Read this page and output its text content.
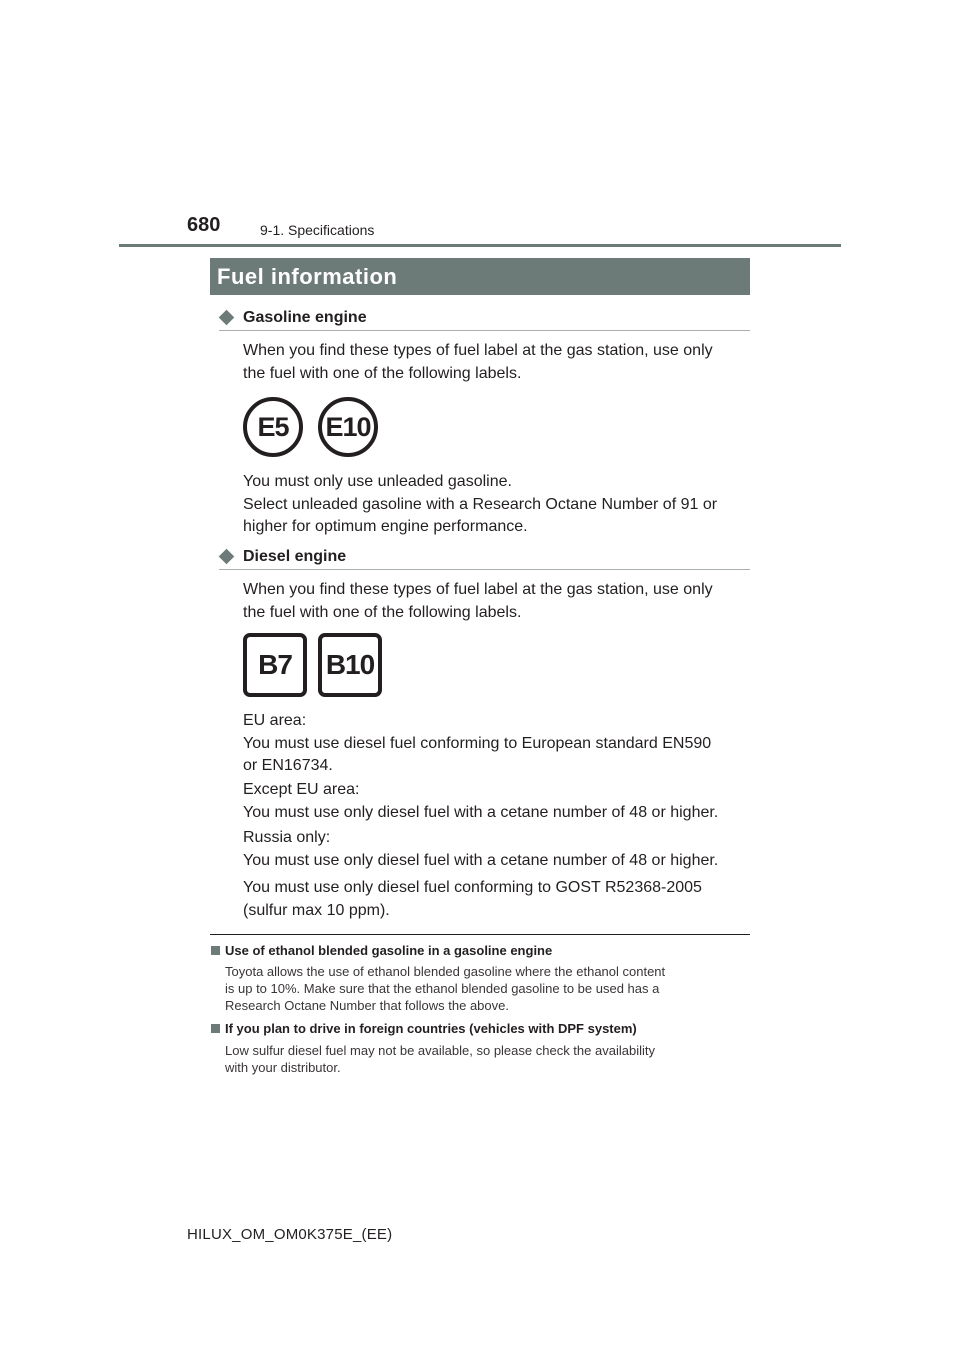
680	9-1. Specifications
Fuel information
Gasoline engine

When you find these types of fuel label at the gas station, use only
the fuel with one of the following labels.

E5	E10

You must only use unleaded gasoline.
Select unleaded gasoline with a Research Octane Number of 91 or
higher for optimum engine performance.

Diesel engine

When you find these types of fuel label at the gas station, use only
the fuel with one of the following labels.

B7	B10

EU area:
You must use diesel fuel conforming to European standard EN590
or EN16734.

Except EU area:
You must use only diesel fuel with a cetane number of 48 or higher.

Russia only:
You must use only diesel fuel with a cetane number of 48 or higher.

You must use only diesel fuel conforming to GOST R52368-2005
(sulfur max 10 ppm).

Use of ethanol blended gasoline in a gasoline engine

Toyota allows the use of ethanol blended gasoline where the ethanol content
is up to 10%. Make sure that the ethanol blended gasoline to be used has a
Research Octane Number that follows the above.

If you plan to drive in foreign countries (vehicles with DPF system)

Low sulfur diesel fuel may not be available, so please check the availability
with your distributor.

HILUX_OM_OM0K375E_(EE)
